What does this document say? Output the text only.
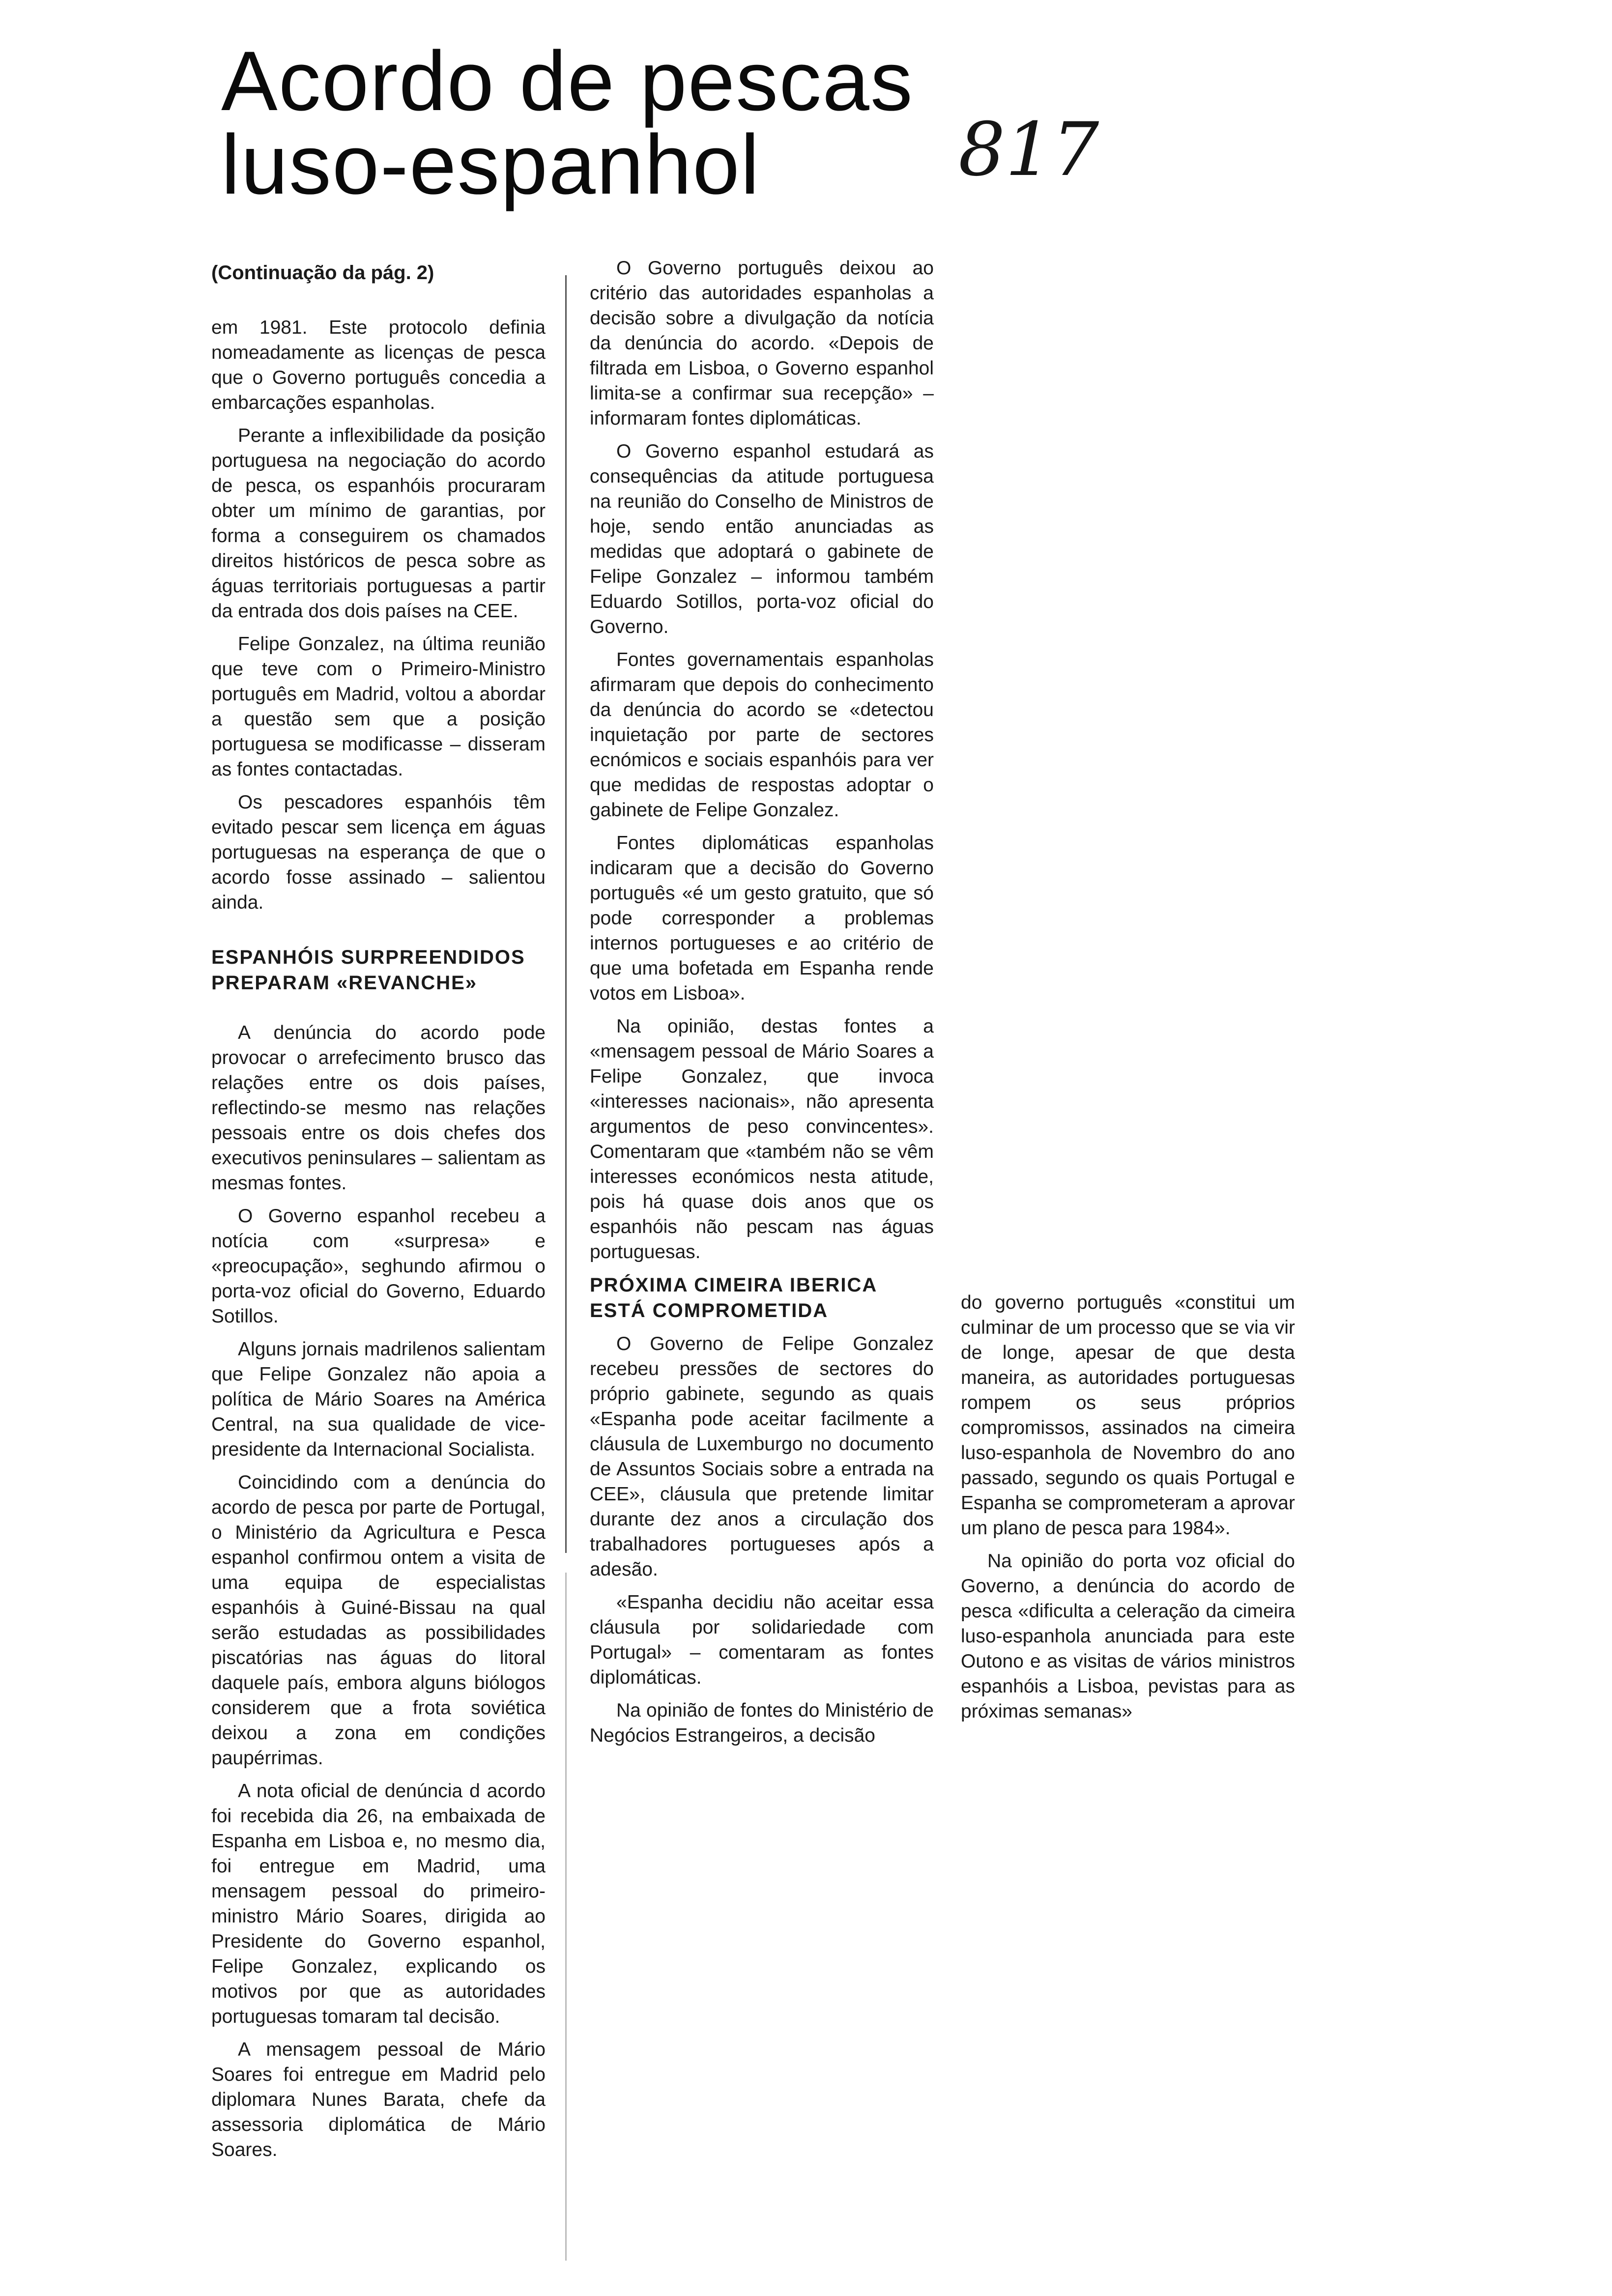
Acordo de pescas luso-espanhol	817

(Continuação da pág. 2)

em 1981. Este protocolo definia nomeadamente as licenças de pesca que o Governo português concedia a embarcações espanholas.

Perante a inflexibilidade da posição portuguesa na negociação do acordo de pesca, os espanhóis procuraram obter um mínimo de garantias, por forma a conseguirem os chamados direitos históricos de pesca sobre as águas territoriais portuguesas a partir da entrada dos dois países na CEE.

Felipe Gonzalez, na última reunião que teve com o Primeiro-Ministro português em Madrid, voltou a abordar a questão sem que a posição portuguesa se modificasse – disseram as fontes contactadas.

Os pescadores espanhóis têm evitado pescar sem licença em águas portuguesas na esperança de que o acordo fosse assinado – salientou ainda.

ESPANHÓIS SURPREENDIDOS PREPARAM «REVANCHE»

A denúncia do acordo pode provocar o arrefecimento brusco das relações entre os dois países, reflectindo-se mesmo nas relações pessoais entre os dois chefes dos executivos peninsulares – salientam as mesmas fontes.

O Governo espanhol recebeu a notícia com «surpresa» e «preocupação», seghundo afirmou o porta-voz oficial do Governo, Eduardo Sotillos.

Alguns jornais madrilenos salientam que Felipe Gonzalez não apoia a política de Mário Soares na América Central, na sua qualidade de vice-presidente da Internacional Socialista.

Coincidindo com a denúncia do acordo de pesca por parte de Portugal, o Ministério da Agricultura e Pesca espanhol confirmou ontem a visita de uma equipa de especialistas espanhóis à Guiné-Bissau na qual serão estudadas as possibilidades piscatórias nas águas do litoral daquele país, embora alguns biólogos considerem que a frota soviética deixou a zona em condições paupérrimas.

A nota oficial de denúncia d acordo foi recebida dia 26, na embaixada de Espanha em Lisboa e, no mesmo dia, foi entregue em Madrid, uma mensagem pessoal do primeiro-ministro Mário Soares, dirigida ao Presidente do Governo espanhol, Felipe Gonzalez, explicando os motivos por que as autoridades portuguesas tomaram tal decisão.

A mensagem pessoal de Mário Soares foi entregue em Madrid pelo diplomara Nunes Barata, chefe da assessoria diplomática de Mário Soares.

O Governo português deixou ao critério das autoridades espanholas a decisão sobre a divulgação da notícia da denúncia do acordo. «Depois de filtrada em Lisboa, o Governo espanhol limita-se a confirmar sua recepção» – informaram fontes diplomáticas.

O Governo espanhol estudará as consequências da atitude portuguesa na reunião do Conselho de Ministros de hoje, sendo então anunciadas as medidas que adoptará o gabinete de Felipe Gonzalez – informou também Eduardo Sotillos, porta-voz oficial do Governo.

Fontes governamentais espanholas afirmaram que depois do conhecimento da denúncia do acordo se «detectou inquietação por parte de sectores ecnómicos e sociais espanhóis para ver que medidas de respostas adoptar o gabinete de Felipe Gonzalez.

Fontes diplomáticas espanholas indicaram que a decisão do Governo português «é um gesto gratuito, que só pode corresponder a problemas internos portugueses e ao critério de que uma bofetada em Espanha rende votos em Lisboa».

Na opinião, destas fontes a «mensagem pessoal de Mário Soares a Felipe Gonzalez, que invoca «interesses nacionais», não apresenta argumentos de peso convincentes». Comentaram que «também não se vêm interesses económicos nesta atitude, pois há quase dois anos que os espanhóis não pescam nas águas portuguesas.

PRÓXIMA CIMEIRA IBERICA ESTÁ COMPROMETIDA

O Governo de Felipe Gonzalez recebeu pressões de sectores do próprio gabinete, segundo as quais «Espanha pode aceitar facilmente a cláusula de Luxemburgo no documento de Assuntos Sociais sobre a entrada na CEE», cláusula que pretende limitar durante dez anos a circulação dos trabalhadores portugueses após a adesão.

«Espanha decidiu não aceitar essa cláusula por solidariedade com Portugal» – comentaram as fontes diplomáticas.

Na opinião de fontes do Ministério de Negócios Estrangeiros, a decisão

do governo português «constitui um culminar de um processo que se via vir de longe, apesar de que desta maneira, as autoridades portuguesas rompem os seus próprios compromissos, assinados na cimeira luso-espanhola de Novembro do ano passado, segundo os quais Portugal e Espanha se comprometeram a aprovar um plano de pesca para 1984».

Na opinião do porta voz oficial do Governo, a denúncia do acordo de pesca «dificulta a celeração da cimeira luso-espanhola anunciada para este Outono e as visitas de vários ministros espanhóis a Lisboa, pevistas para as próximas semanas»
